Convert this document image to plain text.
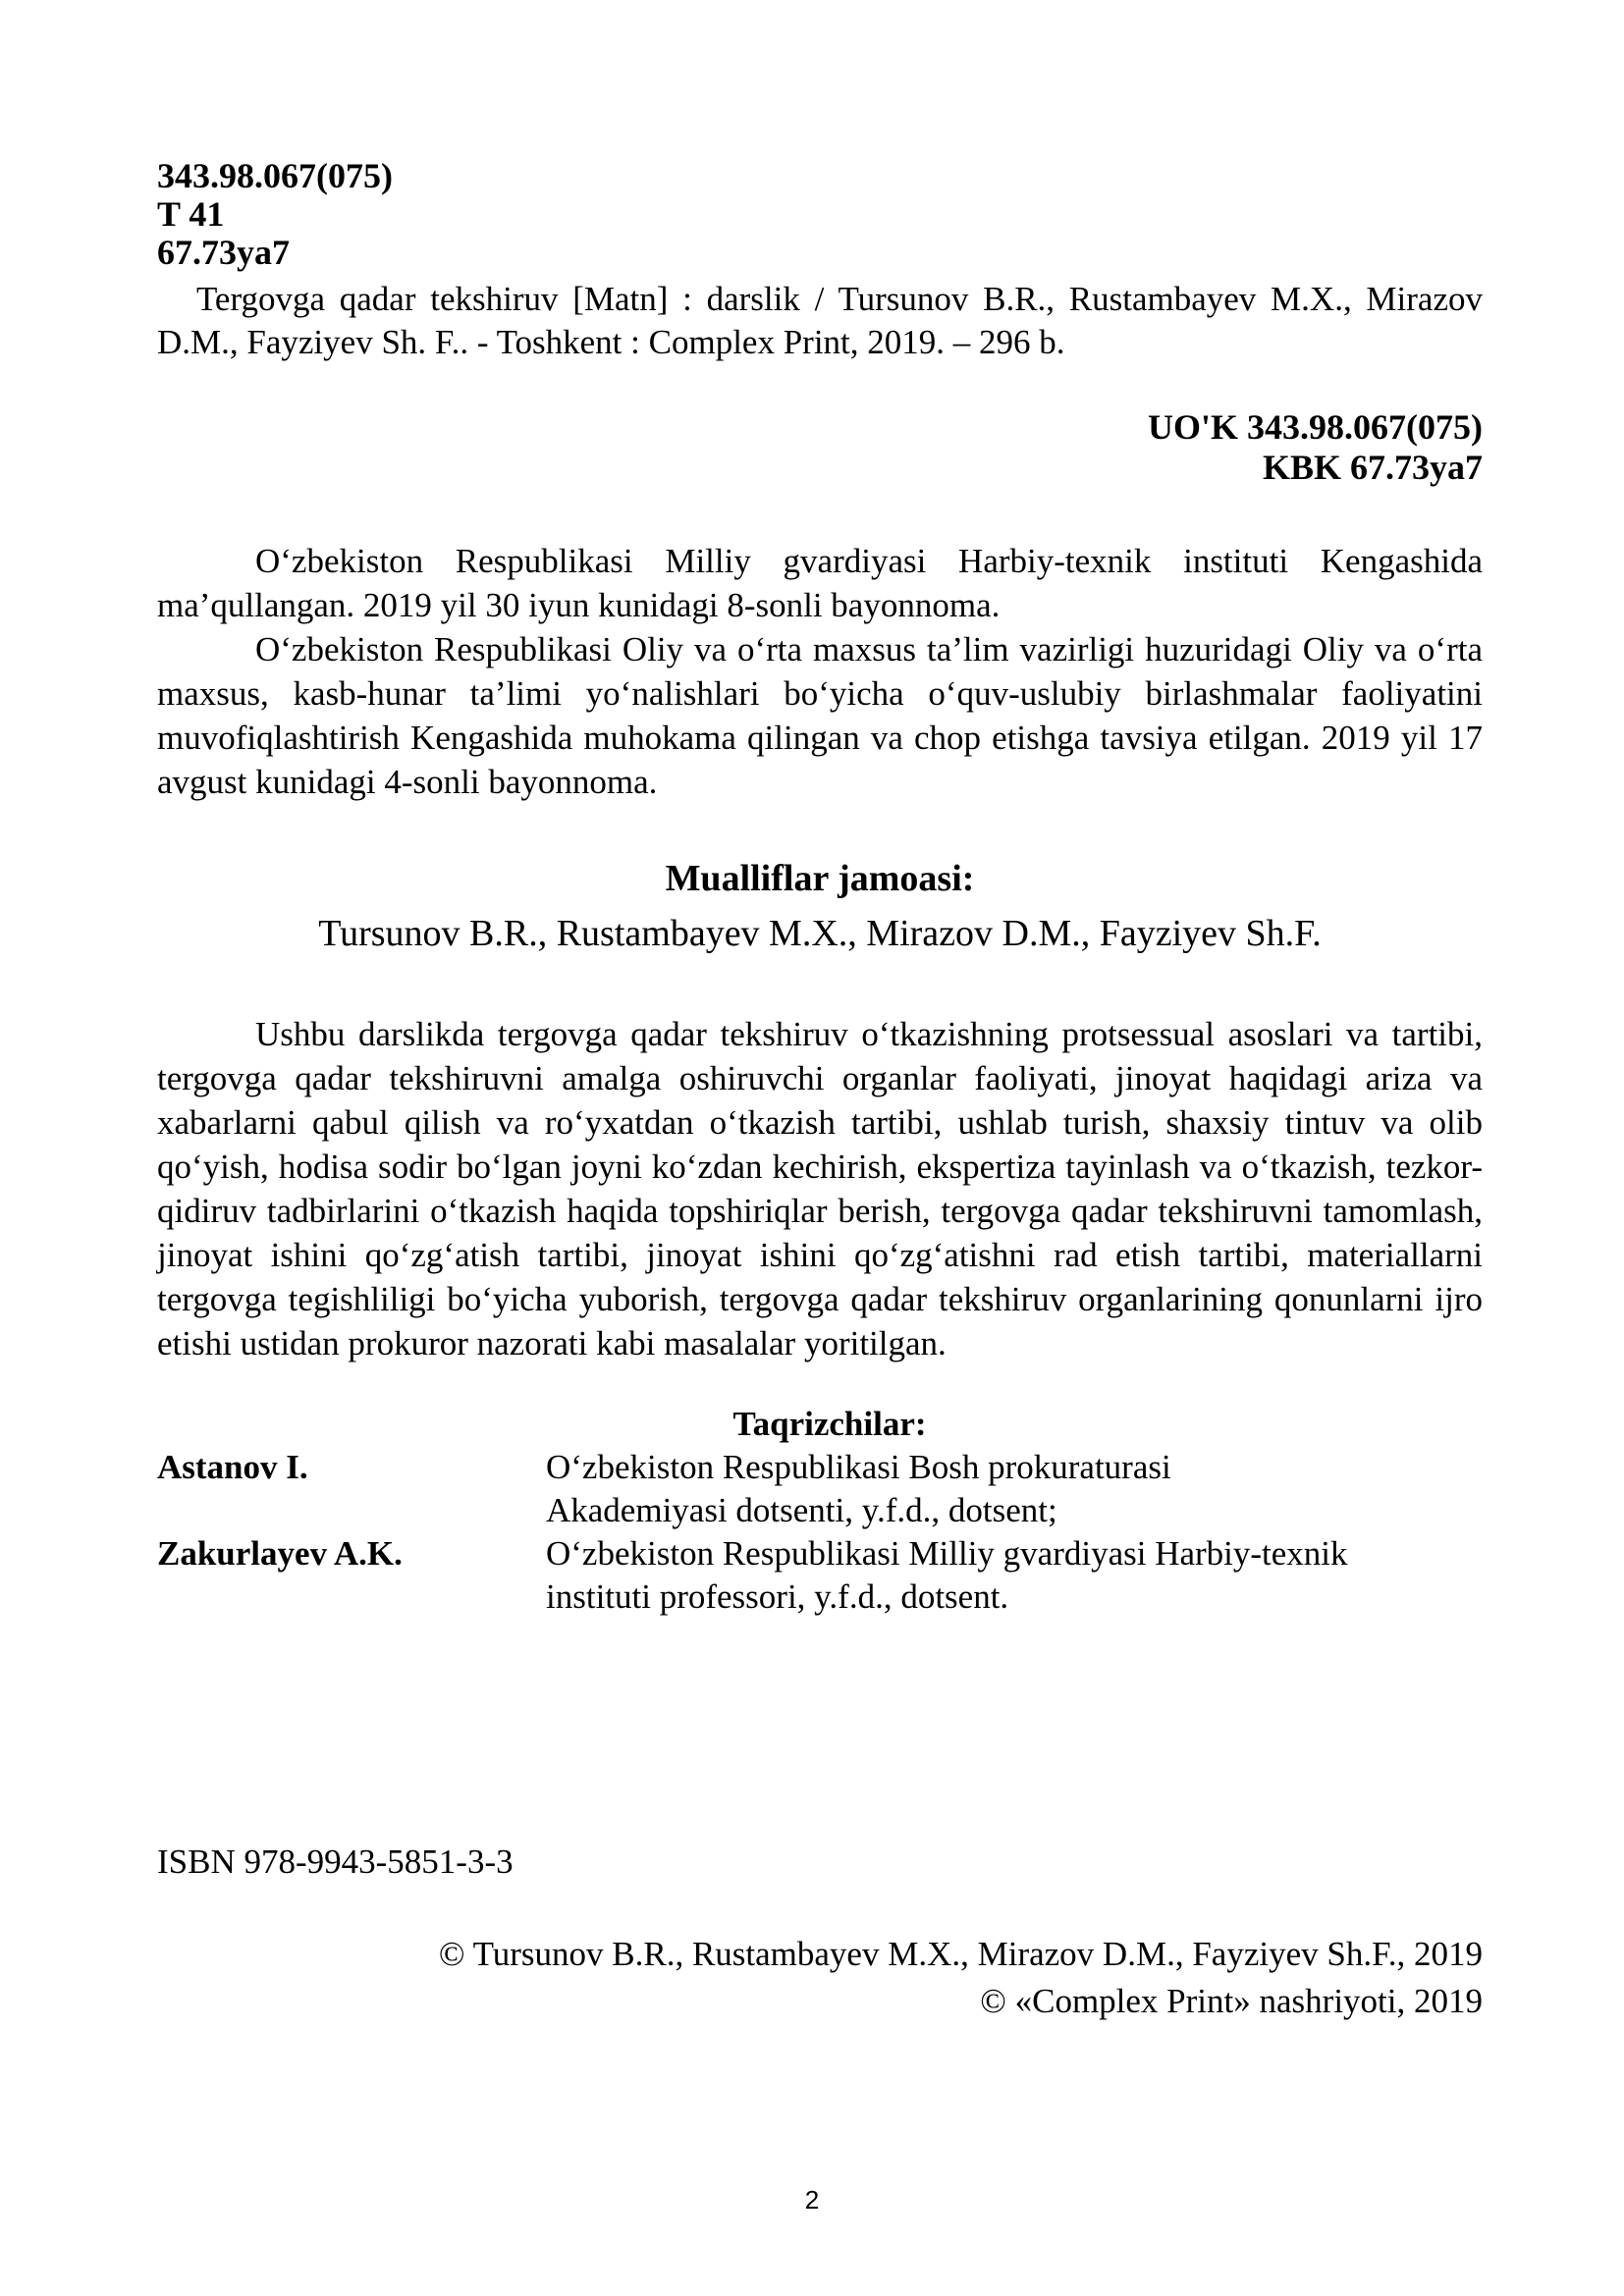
343.98.067(075)
T 41
67.73ya7

Tergovga qadar tekshiruv [Matn] : darslik / Tursunov B.R., Rustambayev M.X., Mirazov D.M., Fayziyev Sh. F.. - Toshkent : Complex Print, 2019. – 296 b.

UO'K 343.98.067(075)
KBK 67.73ya7

O‘zbekiston Respublikasi Milliy gvardiyasi Harbiy-texnik instituti Kengashida ma’qullangan. 2019 yil 30 iyun kunidagi 8-sonli bayonnoma.

O‘zbekiston Respublikasi Oliy va o‘rta maxsus ta’lim vazirligi huzuridagi Oliy va o‘rta maxsus, kasb-hunar ta’limi yo‘nalishlari bo‘yicha o‘quv-uslubiy birlashmalar faoliyatini muvofiqlashtirish Kengashida muhokama qilingan va chop etishga tavsiya etilgan. 2019 yil 17 avgust kunidagi 4-sonli bayonnoma.

Mualliflar jamoasi:
Tursunov B.R., Rustambayev M.X., Mirazov D.M., Fayziyev Sh.F.

Ushbu darslikda tergovga qadar tekshiruv o‘tkazishning protsessual asoslari va tartibi, tergovga qadar tekshiruvni amalga oshiruvchi organlar faoliyati, jinoyat haqidagi ariza va xabarlarni qabul qilish va ro‘yxatdan o‘tkazish tartibi, ushlab turish, shaxsiy tintuv va olib qo‘yish, hodisa sodir bo‘lgan joyni ko‘zdan kechirish, ekspertiza tayinlash va o‘tkazish, tezkor-qidiruv tadbirlarini o‘tkazish haqida topshiriqlar berish, tergovga qadar tekshiruvni tamomlash, jinoyat ishini qo‘zg‘atish tartibi, jinoyat ishini qo‘zg‘atishni rad etish tartibi, materiallarni tergovga tegishliligi bo‘yicha yuborish, tergovga qadar tekshiruv organlarining qonunlarni ijro etishi ustidan prokuror nazorati kabi masalalar yoritilgan.

Taqrizchilar:
Astanov I.	O‘zbekiston Respublikasi Bosh prokuraturasi
Akademiyasi dotsenti, y.f.d., dotsent;
Zakurlayev A.K.	O‘zbekiston Respublikasi Milliy gvardiyasi Harbiy-texnik
instituti professori, y.f.d., dotsent.
ISBN 978-9943-5851-3-3
© Tursunov B.R., Rustambayev M.X., Mirazov D.M., Fayziyev Sh.F., 2019
© «Complex Print» nashriyoti, 2019
2
